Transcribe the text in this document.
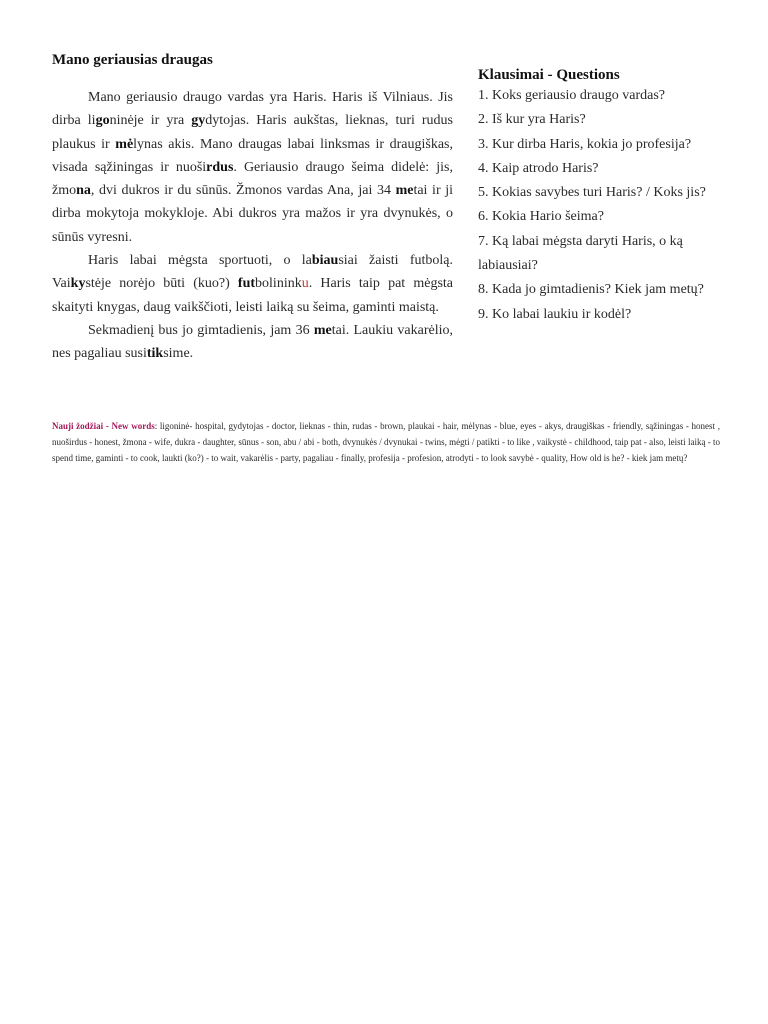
Mano geriausias draugas

Mano geriausio draugo vardas yra Haris. Haris iš Vilniaus. Jis dirba ligoninėje ir yra gydytojas. Haris aukštas, lieknas, turi rudus plaukus ir mėlynas akis. Mano draugas labai linksmas ir draugiškas, visada sąžiningas ir nuoširdus. Geriausio draugo šeima didelė: jis, žmona, dvi dukros ir du sūnūs. Žmonos vardas Ana, jai 34 metai ir ji dirba mokytoja mokykloje. Abi dukros yra mažos ir yra dvynukės, o sūnūs vyresni.

Haris labai mėgsta sportuoti, o labiausiai žaisti futbolą. Vaikystėje norėjo būti (kuo?) futbolininku. Haris taip pat mėgsta skaityti knygas, daug vaikščioti, leisti laiką su šeima, gaminti maistą.

Sekmadienį bus jo gimtadienis, jam 36 metai. Laukiu vakarėlio, nes pagaliau susitiksime.

Klausimai - Questions
1. Koks geriausio draugo vardas?
2. Iš kur yra Haris?
3. Kur dirba Haris, kokia jo profesija?
4. Kaip atrodo Haris?
5. Kokias savybes turi Haris? / Koks jis?
6. Kokia Hario šeima?
7. Ką labai mėgsta daryti Haris, o ką labiausiai?
8. Kada jo gimtadienis? Kiek jam metų?
9. Ko labai laukiu ir kodėl?
Nauji žodžiai - New words: ligoninė- hospital, gydytojas - doctor, lieknas - thin, rudas - brown, plaukai - hair, mėlynas - blue, eyes - akys, draugiškas - friendly, sąžiningas - honest , nuoširdus - honest, žmona - wife, dukra - daughter, sūnus - son, abu / abi - both, dvynukės / dvynukai - twins, mėgti / patikti - to like , vaikystė - childhood, taip pat - also, leisti laiką - to spend time, gaminti - to cook, laukti (ko?) - to wait, vakarėlis - party, pagaliau - finally, profesija - profesion, atrodyti - to look savybė - quality, How old is he? - kiek jam metų?
